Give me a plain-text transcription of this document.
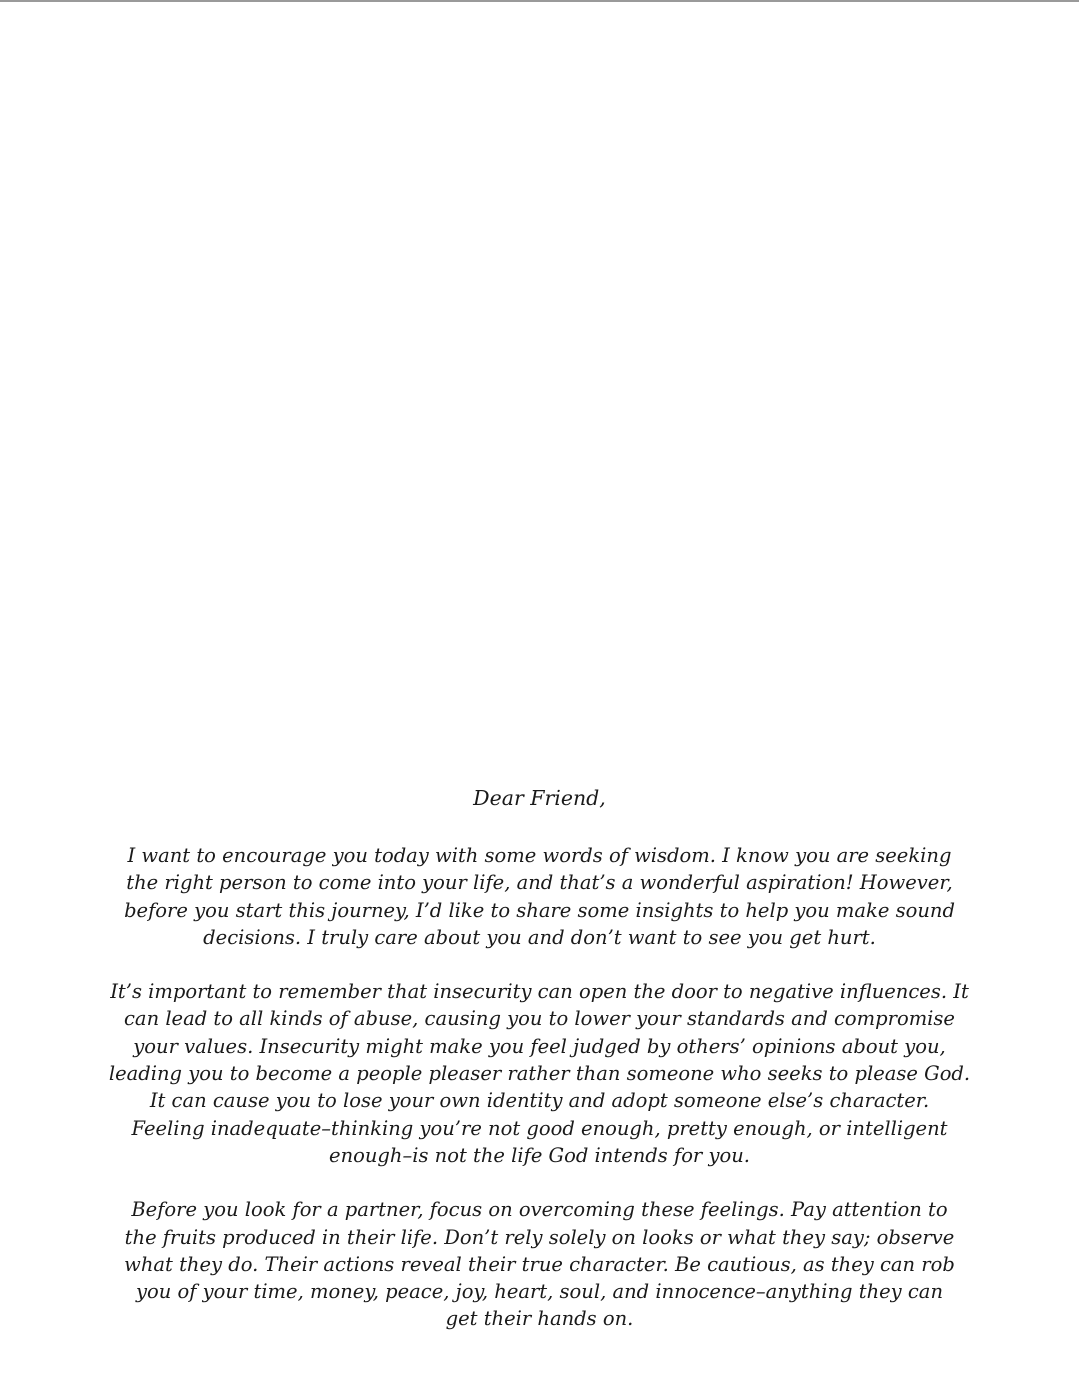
Dear Friend,

I want to encourage you today with some words of wisdom. I know you are seeking
the right person to come into your life, and that’s a wonderful aspiration! However,
before you start this journey, I’d like to share some insights to help you make sound
decisions. I truly care about you and don’t want to see you get hurt.

It’s important to remember that insecurity can open the door to negative influences. It
can lead to all kinds of abuse, causing you to lower your standards and compromise
your values. Insecurity might make you feel judged by others’ opinions about you,
leading you to become a people pleaser rather than someone who seeks to please God.
It can cause you to lose your own identity and adopt someone else’s character.
Feeling inadequate–thinking you’re not good enough, pretty enough, or intelligent
enough–is not the life God intends for you.

Before you look for a partner, focus on overcoming these feelings. Pay attention to
the fruits produced in their life. Don’t rely solely on looks or what they say; observe
what they do. Their actions reveal their true character. Be cautious, as they can rob
you of your time, money, peace, joy, heart, soul, and innocence–anything they can
get their hands on.
